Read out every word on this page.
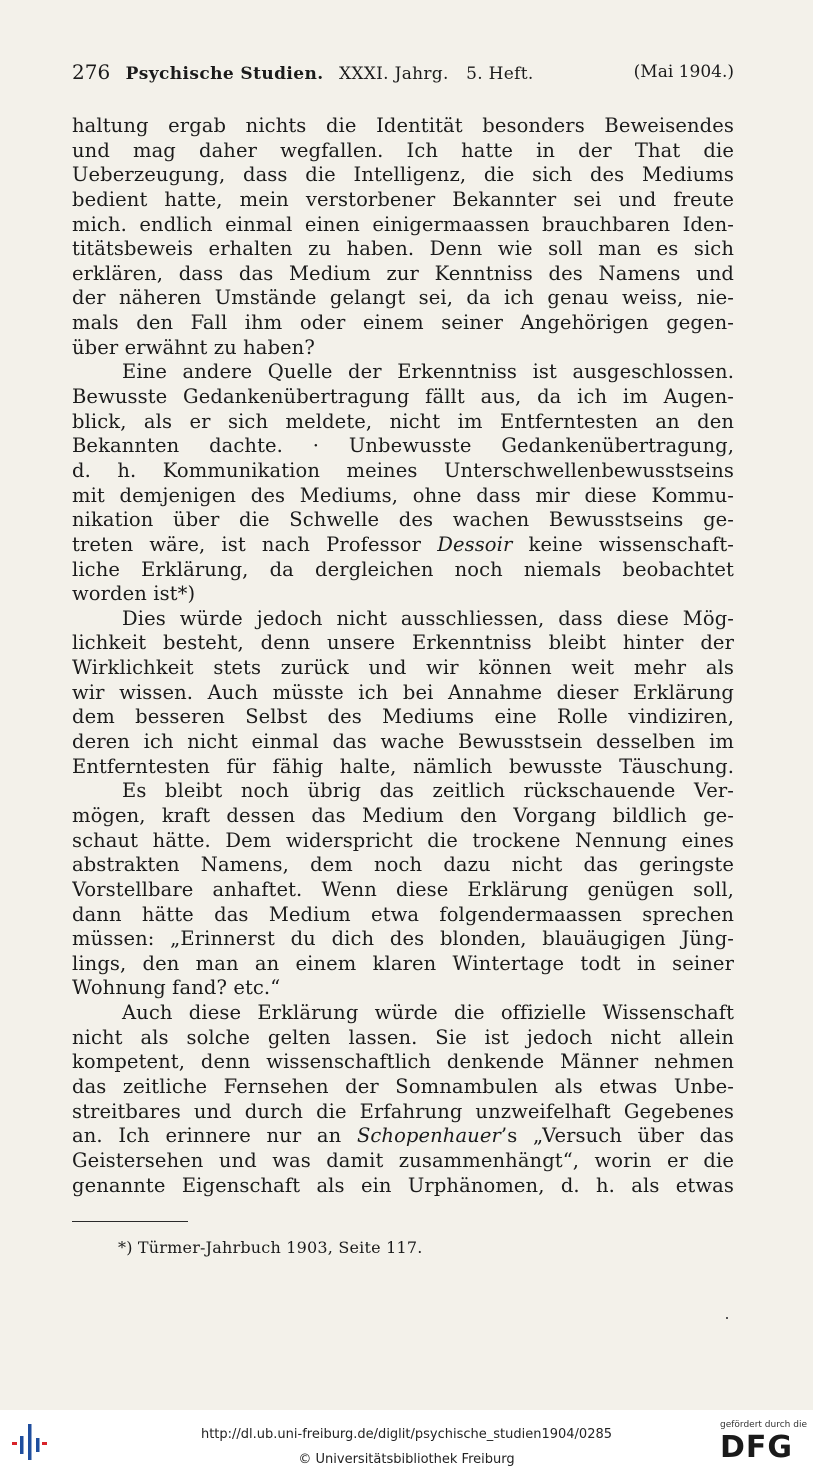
276 Psychische Studien. XXXI. Jahrg. 5. Heft.	(Mai 1904.)
haltung ergab nichts die Identität besonders Beweisendes
und mag daher wegfallen. Ich hatte in der That die
Ueberzeugung, dass die Intelligenz, die sich des Mediums
bedient hatte, mein verstorbener Bekannter sei und freute
mich. endlich einmal einen einigermaassen brauchbaren Iden-
titätsbeweis erhalten zu haben. Denn wie soll man es sich
erklären, dass das Medium zur Kenntniss des Namens und
der näheren Umstände gelangt sei, da ich genau weiss, nie-
mals den Fall ihm oder einem seiner Angehörigen gegen-
über erwähnt zu haben?
Eine andere Quelle der Erkenntniss ist ausgeschlossen.
Bewusste Gedankenübertragung fällt aus, da ich im Augen-
blick, als er sich meldete, nicht im Entferntesten an den
Bekannten dachte. · Unbewusste Gedankenübertragung,
d. h. Kommunikation meines Unterschwellenbewusstseins
mit demjenigen des Mediums, ohne dass mir diese Kommu-
nikation über die Schwelle des wachen Bewusstseins ge-
treten wäre, ist nach Professor Dessoir keine wissenschaft-
liche Erklärung, da dergleichen noch niemals beobachtet
worden ist*)
Dies würde jedoch nicht ausschliessen, dass diese Mög-
lichkeit besteht, denn unsere Erkenntniss bleibt hinter der
Wirklichkeit stets zurück und wir können weit mehr als
wir wissen. Auch müsste ich bei Annahme dieser Erklärung
dem besseren Selbst des Mediums eine Rolle vindiziren,
deren ich nicht einmal das wache Bewusstsein desselben im
Entferntesten für fähig halte, nämlich bewusste Täuschung.
Es bleibt noch übrig das zeitlich rückschauende Ver-
mögen, kraft dessen das Medium den Vorgang bildlich ge-
schaut hätte. Dem widerspricht die trockene Nennung eines
abstrakten Namens, dem noch dazu nicht das geringste
Vorstellbare anhaftet. Wenn diese Erklärung genügen soll,
dann hätte das Medium etwa folgendermaassen sprechen
müssen: „Erinnerst du dich des blonden, blauäugigen Jüng-
lings, den man an einem klaren Wintertage todt in seiner
Wohnung fand? etc.“
Auch diese Erklärung würde die offizielle Wissenschaft
nicht als solche gelten lassen. Sie ist jedoch nicht allein
kompetent, denn wissenschaftlich denkende Männer nehmen
das zeitliche Fernsehen der Somnambulen als etwas Unbe-
streitbares und durch die Erfahrung unzweifelhaft Gegebenes
an. Ich erinnere nur an Schopenhauer’s „Versuch über das
Geistersehen und was damit zusammenhängt“, worin er die
genannte Eigenschaft als ein Urphänomen, d. h. als etwas
*) Türmer-Jahrbuch 1903, Seite 117.
http://dl.ub.uni-freiburg.de/diglit/psychische_studien1904/0285
© Universitätsbibliothek Freiburg
gefördert durch die
DFG
